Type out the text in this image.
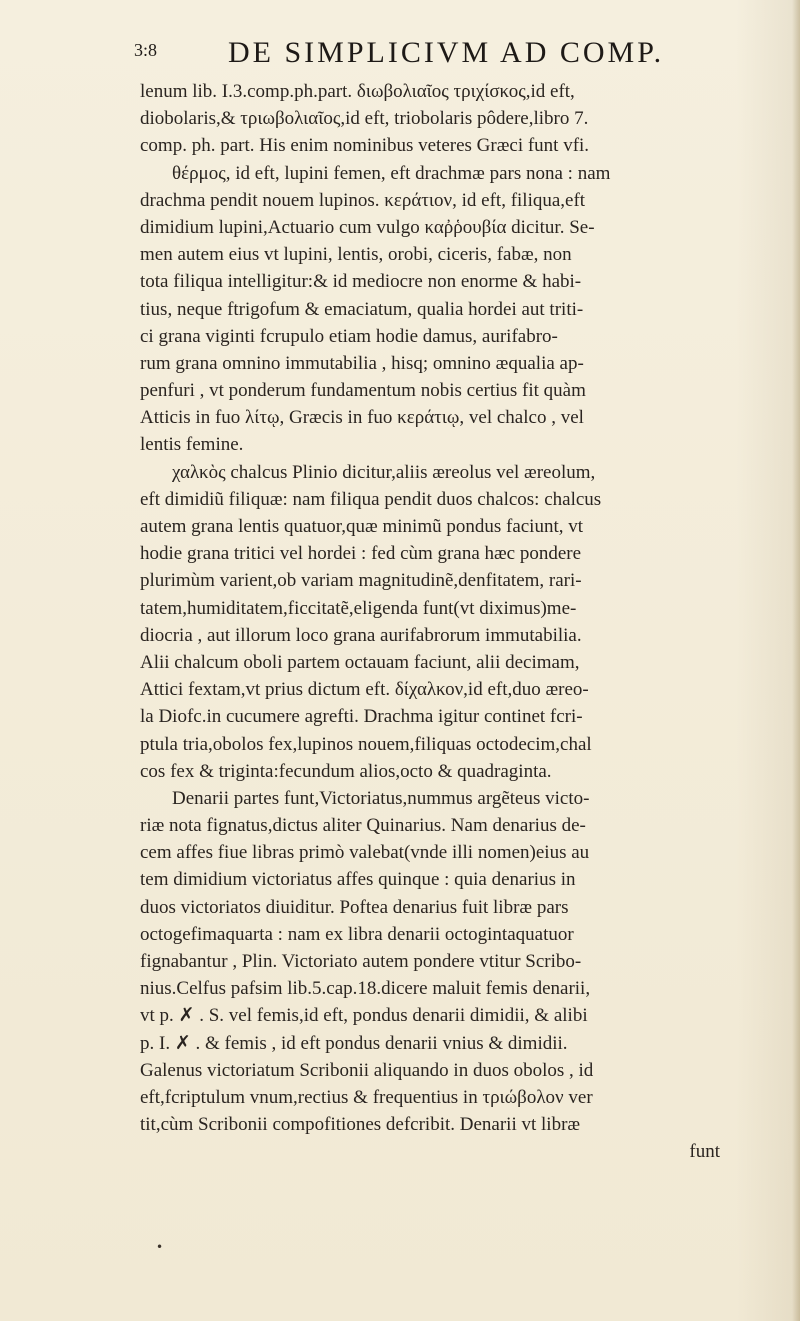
3:8 DE SIMPLICIVM AD COMP.
lenum lib. I.3.comp.ph.part. διωβολιαῖος τριχίσκος,id eft,
diobolaris,& τριωβολιαῖος,id eft, triobolaris pôdere,libro 7.
comp. ph. part. His enim nominibus veteres Græci funt vfi.
θέρμος, id eft, lupini femen, eft drachmæ pars nona : nam
drachma pendit nouem lupinos. κεράτιον, id eft, filiqua,eft
dimidium lupini,Actuario cum vulgo καῤῥουβία dicitur. Se-
men autem eius vt lupini, lentis, orobi, ciceris, fabæ, non
tota filiqua intelligitur:& id mediocre non enorme & habi-
tius, neque ftrigofum & emaciatum, qualia hordei aut triti-
ci grana viginti fcrupulo etiam hodie damus, aurifabro-
rum grana omnino immutabilia , hisq; omnino æqualia ap-
penfuri , vt ponderum fundamentum nobis certius fit quàm
Atticis in fuo λίτῳ, Græcis in fuo κεράτιῳ, vel chalco , vel
lentis femine.
χαλκὸς chalcus Plinio dicitur,aliis æreolus vel æreolum,
eft dimidiũ filiquæ: nam filiqua pendit duos chalcos: chalcus
autem grana lentis quatuor,quæ minimũ pondus faciunt, vt
hodie grana tritici vel hordei : fed cùm grana hæc pondere
plurimùm varient,ob variam magnitudinẽ,denfitatem, rari-
tatem,humiditatem,ficcitatẽ,eligenda funt(vt diximus)me-
diocria , aut illorum loco grana aurifabrorum immutabilia.
Alii chalcum oboli partem octauam faciunt, alii decimam,
Attici fextam,vt prius dictum eft. δίχαλκον,id eft,duo æreo-
la Diofc.in cucumere agrefti. Drachma igitur continet fcri-
ptula tria,obolos fex,lupinos nouem,filiquas octodecim,chal
cos fex & triginta:fecundum alios,octo & quadraginta.
Denarii partes funt,Victoriatus,nummus argẽteus victo-
riæ nota fignatus,dictus aliter Quinarius. Nam denarius de-
cem affes fiue libras primò valebat(vnde illi nomen)eius au
tem dimidium victoriatus affes quinque : quia denarius in
duos victoriatos diuiditur. Poftea denarius fuit libræ pars
octogefimaquarta : nam ex libra denarii octogintaquatuor
fignabantur , Plin. Victoriato autem pondere vtitur Scribo-
nius.Celfus pafsim lib.5.cap.18.dicere maluit femis denarii,
vt p. ✗ . S. vel femis,id eft, pondus denarii dimidii, & alibi
p. I. ✗ . & femis , id eft pondus denarii vnius & dimidii.
Galenus victoriatum Scribonii aliquando in duos obolos , id
eft,fcriptulum vnum,rectius & frequentius in τριώβολον ver
tit,cùm Scribonii compofitiones defcribit. Denarii vt libræ
funt
•
